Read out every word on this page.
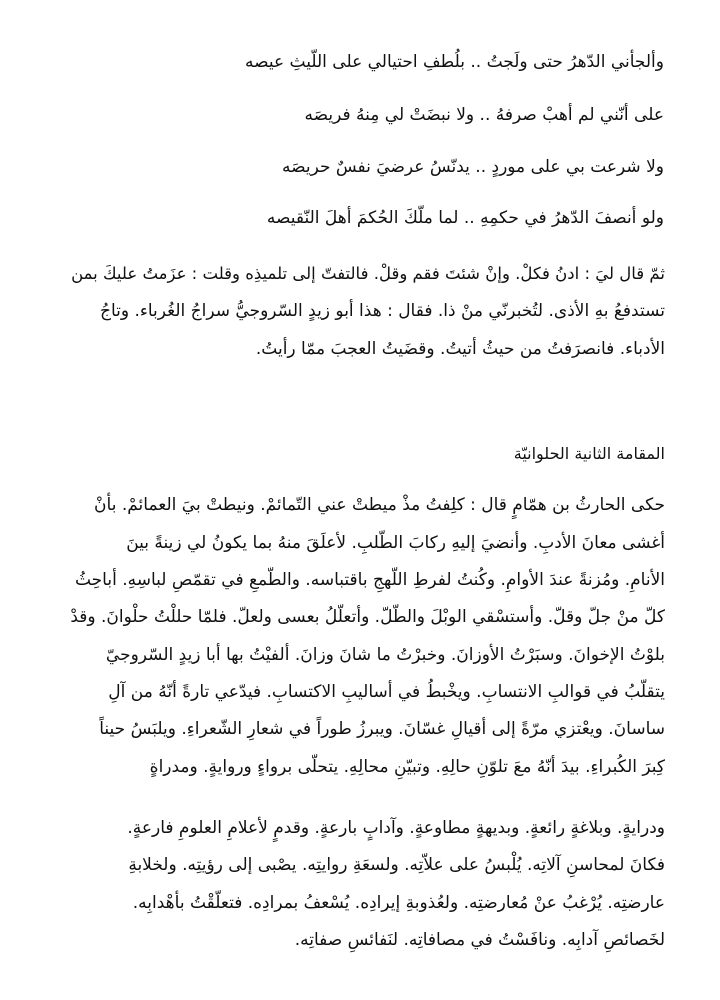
وألجأني الدّهرُ حتى ولَجتُ .. بلُطفِ احتيالي على اللّيثِ عيصه
على أنّني لم أهبْ صرفهُ .. ولا نبضَتْ لي مِنهُ فريصَه
ولا شرعت بي على موردٍ .. يدنّسُ عرضيَ نفسٌ حريصَه
ولو أنصفَ الدّهرُ في حكمِهِ .. لما ملّكَ الحُكمَ أهلَ النّقيصه
ثمّ قال ليَ : ادنُ فكلْ. وإنْ شئتَ فقم وقلْ. فالتفتّ إلى تلميذِه وقلت : عزَمتُ عليكَ بمن
تستدفعُ بهِ الأذى. لتُخبرنّي منْ ذا. فقال : هذا أبو زيدٍ السّروجيُّ سراجُ الغُرباء. وتاجُ
الأدباء. فانصرَفتُ من حيثُ أتيتُ. وقضَيتُ العجبَ ممّا رأيتُ.
المقامة الثانية الحلوانيّة
حكى الحارثُ بن همّامٍ قال : كلِفتُ مذْ ميطتْ عني التّمائمْ. ونيطتْ بيَ العمائمْ. بأنْ
أغشى معانَ الأدبِ. وأنضيَ إليهِ ركابَ الطّلبِ. لأعلَقَ منهُ بما يكونُ لي زينةً بينَ
الأنامِ. ومُزنةً عندَ الأوامِ. وكُنتُ لفرطِ اللّهجِ باقتباسه. والطّمعِ في تقمّصِ لباسِهِ. أباحِثُ
كلّ منْ جلّ وقلّ. وأستسْقي الوبْلَ والطّلّ. وأتعلّلُ بعسى ولعلّ. فلمّا حللْتُ حلْوانَ. وقدْ
بلوْتُ الإخوانَ. وسبَرْتُ الأوزانَ. وخبرْتُ ما شانَ وزانَ. ألفيْتُ بها أبا زيدٍ السّروجيّ
يتقلّبُ في قوالبِ الانتسابِ. ويخْبطُ في أساليبِ الاكتسابِ. فيدّعي تارةً أنّهُ من آلِ
ساسانَ. ويعْتزي مرّةً إلى أقيالِ غسّانَ. ويبرزُ طوراً في شعارِ الشّعراءِ. ويلبَسُ حيناً
كِبرَ الكُبراءِ. بيدَ أنّهُ معَ تلوّنِ حالِهِ. وتبيّنِ محالِهِ. يتحلّى برواءٍ وروايةٍ. ومدراةٍ
ودرايةٍ. وبلاغةٍ رائعةٍ. وبديهةٍ مطاوعةٍ. وآدابٍ بارعةٍ. وقدمٍ لأعلامِ العلومِ فارعةٍ.
فكانَ لمحاسنِ آلاتِه. يُلْبسُ على علاّتِه. ولسعَةِ روايتِه. يصْبى إلى رؤيتِه. ولخلابةِ
عارضتِه. يُرْغبُ عنْ مُعارضتِه. ولعُذوبةِ إيرادِه. يُسْعفُ بمرادِه. فتعلّقْتُ بأهْدابِه.
لخَصائصِ آدابِه. ونافَسْتُ في مصافاتِه. لنَفائسِ صفاتِه.
